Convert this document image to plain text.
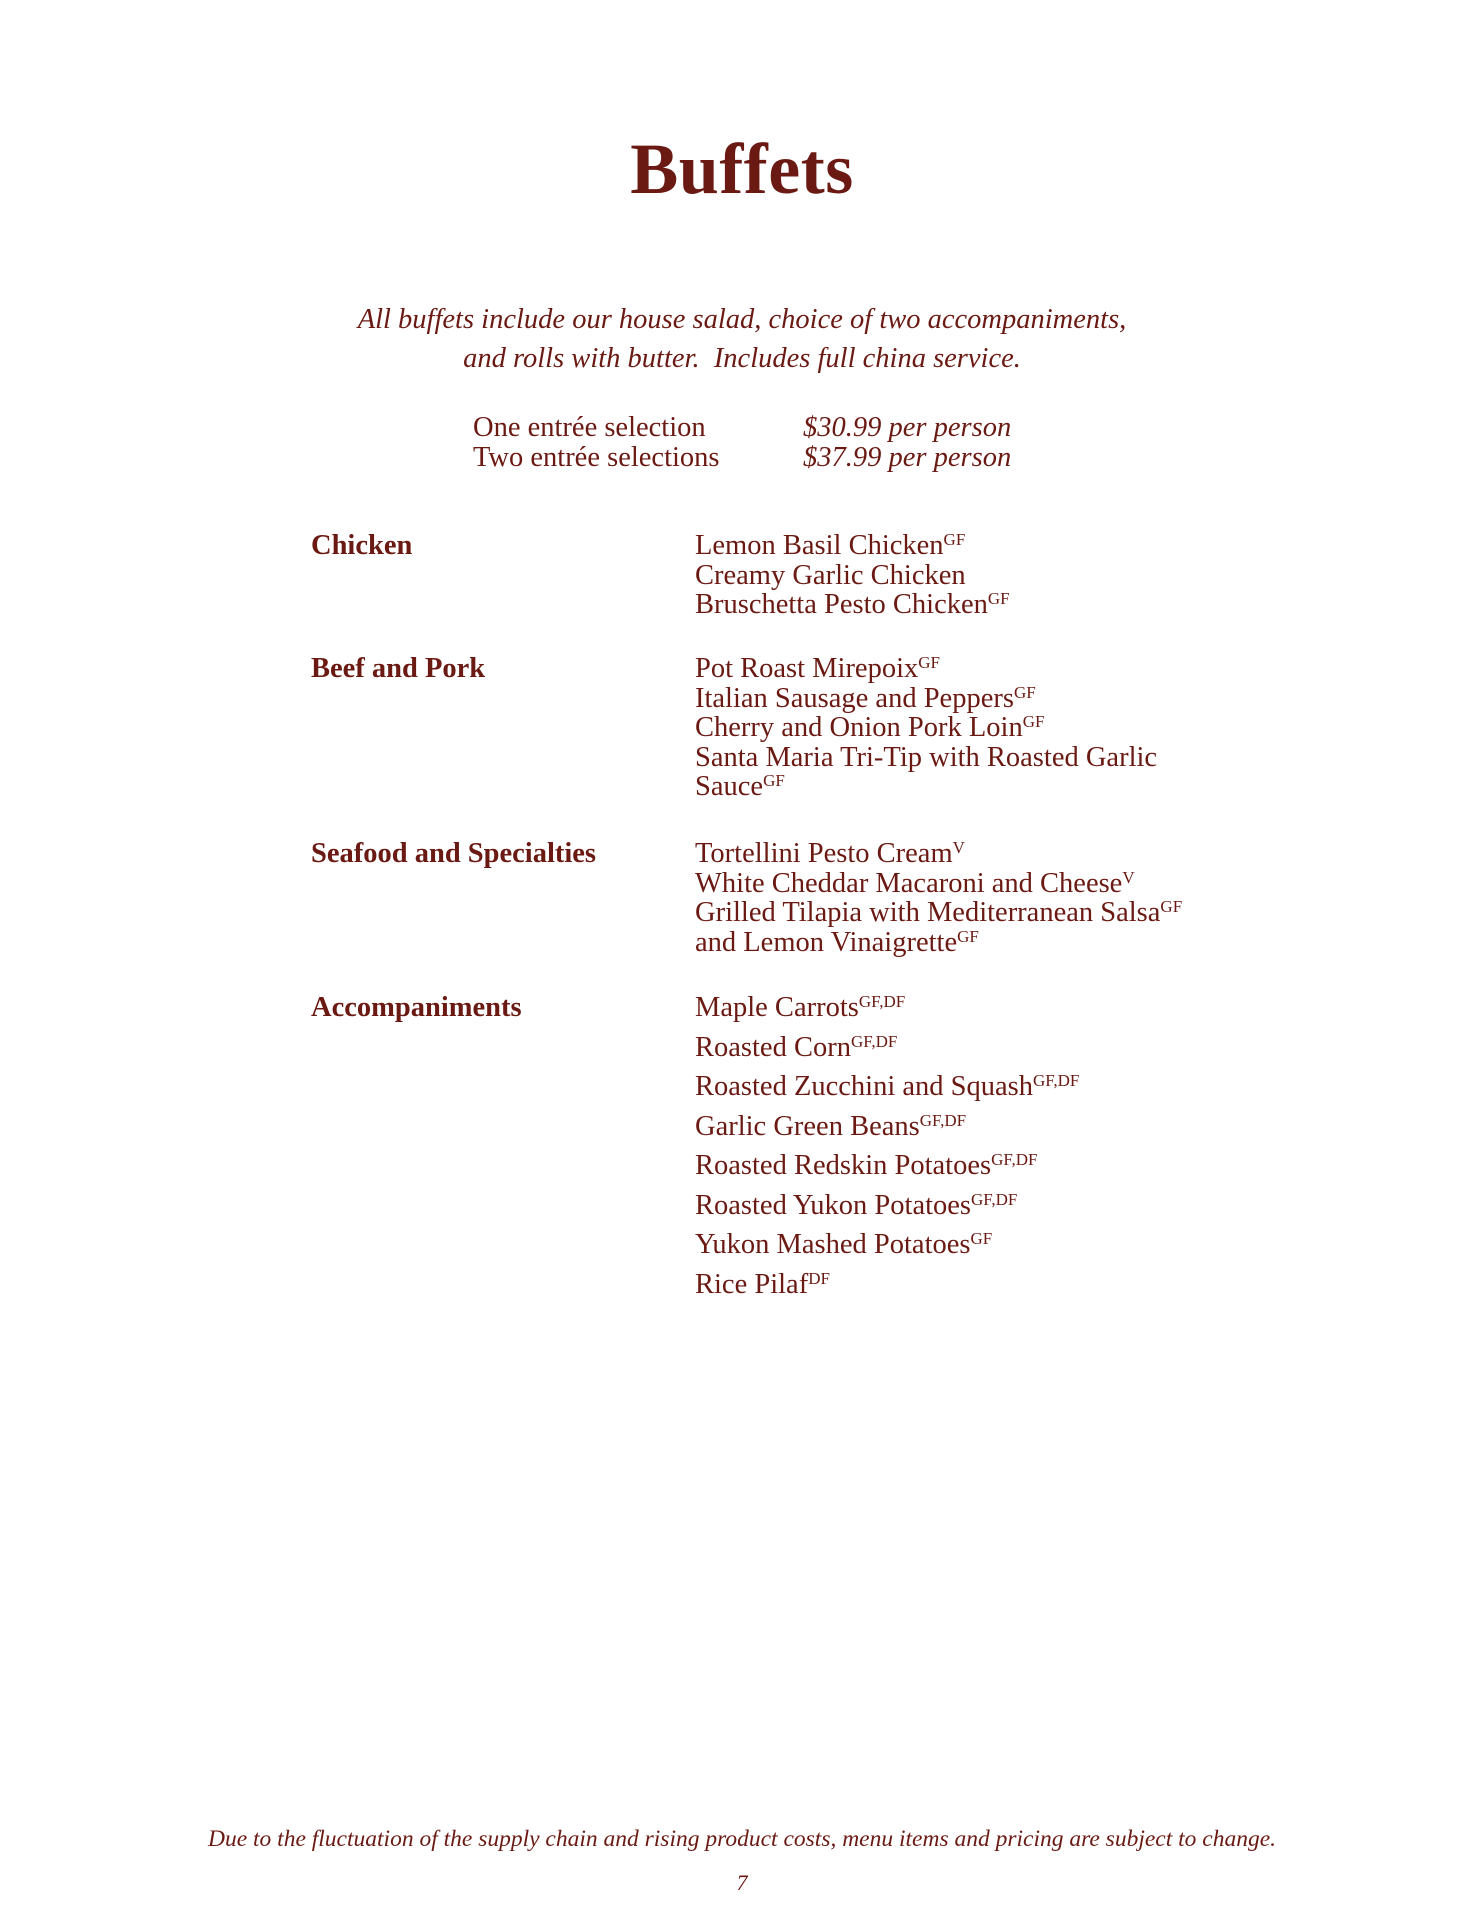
Buffets
All buffets include our house salad, choice of two accompaniments,
and rolls with butter.  Includes full china service.
One entrée selection	$30.99 per person
Two entrée selections	$37.99 per person
Chicken	Lemon Basil Chicken$^{GF}$
Creamy Garlic Chicken
Bruschetta Pesto Chicken$^{GF}$
Beef and Pork	Pot Roast Mirepoix$^{GF}$
Italian Sausage and Peppers$^{GF}$
Cherry and Onion Pork Loin$^{GF}$
Santa Maria Tri-Tip with Roasted Garlic Sauce$^{GF}$
Seafood and Specialties	Tortellini Pesto Cream$^V$
White Cheddar Macaroni and Cheese$^V$
Grilled Tilapia with Mediterranean Salsa$^{GF}$
and Lemon Vinaigrette$^{GF}$
Accompaniments	Maple Carrots$^{GF,DF}$
Roasted Corn$^{GF,DF}$
Roasted Zucchini and Squash$^{GF,DF}$
Garlic Green Beans$^{GF,DF}$
Roasted Redskin Potatoes$^{GF,DF}$
Roasted Yukon Potatoes$^{GF,DF}$
Yukon Mashed Potatoes$^{GF}$
Rice Pilaf$^{DF}$
Due to the fluctuation of the supply chain and rising product costs, menu items and pricing are subject to change.
7
